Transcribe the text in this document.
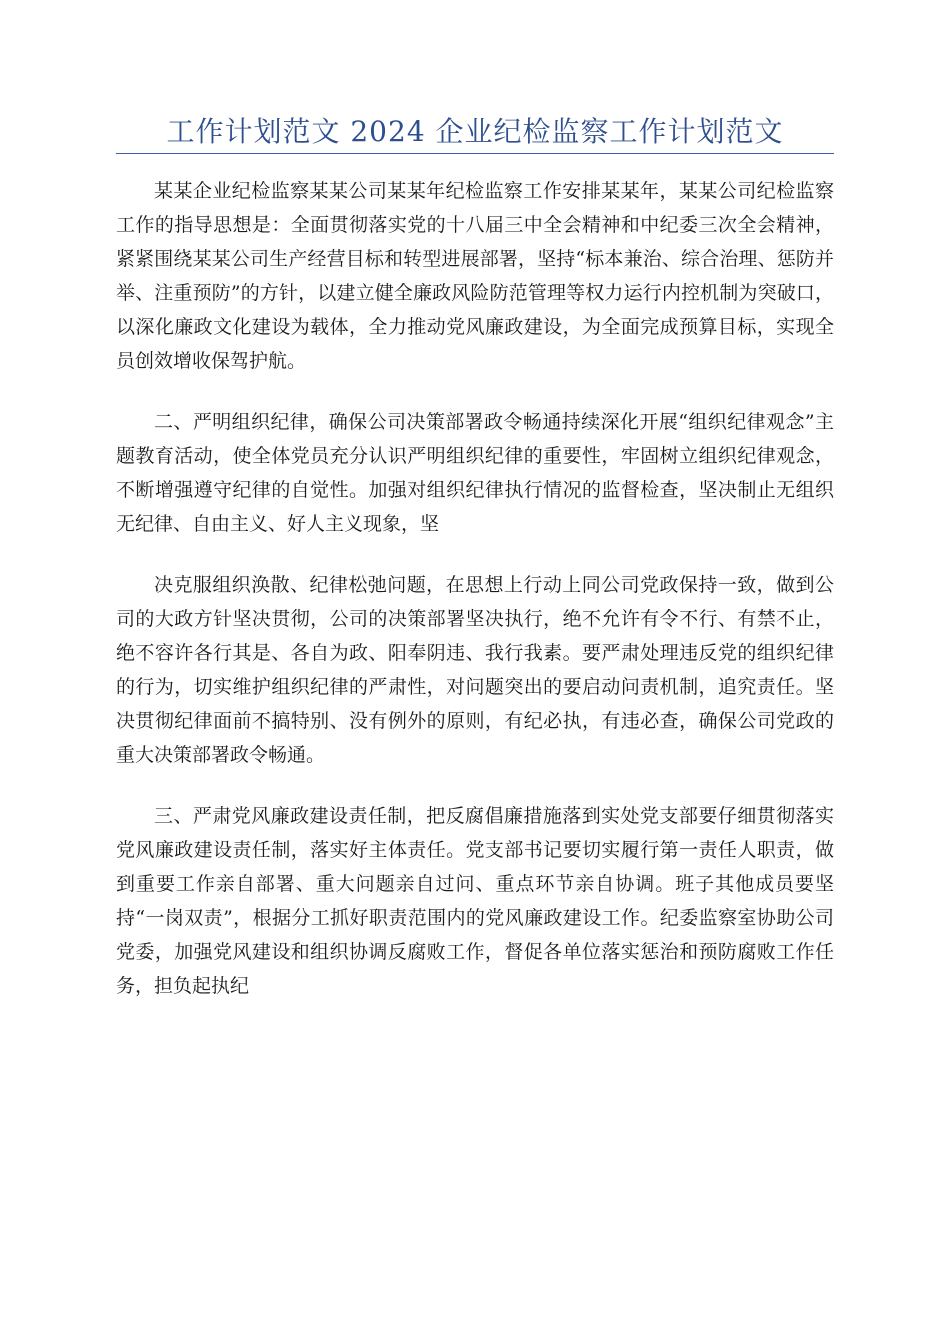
工作计划范文 2024 企业纪检监察工作计划范文

某某企业纪检监察某某公司某某年纪检监察工作安排某某年，某某公司纪检监察工作的指导思想是：全面贯彻落实党的十八届三中全会精神和中纪委三次全会精神，紧紧围绕某某公司生产经营目标和转型进展部署，坚持“标本兼治、综合治理、惩防并举、注重预防”的方针，以建立健全廉政风险防范管理等权力运行内控机制为突破口，以深化廉政文化建设为载体，全力推动党风廉政建设，为全面完成预算目标，实现全员创效增收保驾护航。

二、严明组织纪律，确保公司决策部署政令畅通持续深化开展“组织纪律观念”主题教育活动，使全体党员充分认识严明组织纪律的重要性，牢固树立组织纪律观念，不断增强遵守纪律的自觉性。加强对组织纪律执行情况的监督检查，坚决制止无组织无纪律、自由主义、好人主义现象，坚

决克服组织涣散、纪律松弛问题，在思想上行动上同公司党政保持一致，做到公司的大政方针坚决贯彻，公司的决策部署坚决执行，绝不允许有令不行、有禁不止，绝不容许各行其是、各自为政、阳奉阴违、我行我素。要严肃处理违反党的组织纪律的行为，切实维护组织纪律的严肃性，对问题突出的要启动问责机制，追究责任。坚决贯彻纪律面前不搞特别、没有例外的原则，有纪必执，有违必查，确保公司党政的重大决策部署政令畅通。

三、严肃党风廉政建设责任制，把反腐倡廉措施落到实处党支部要仔细贯彻落实党风廉政建设责任制，落实好主体责任。党支部书记要切实履行第一责任人职责，做到重要工作亲自部署、重大问题亲自过问、重点环节亲自协调。班子其他成员要坚持“一岗双责”，根据分工抓好职责范围内的党风廉政建设工作。纪委监察室协助公司党委，加强党风建设和组织协调反腐败工作，督促各单位落实惩治和预防腐败工作任务，担负起执纪
